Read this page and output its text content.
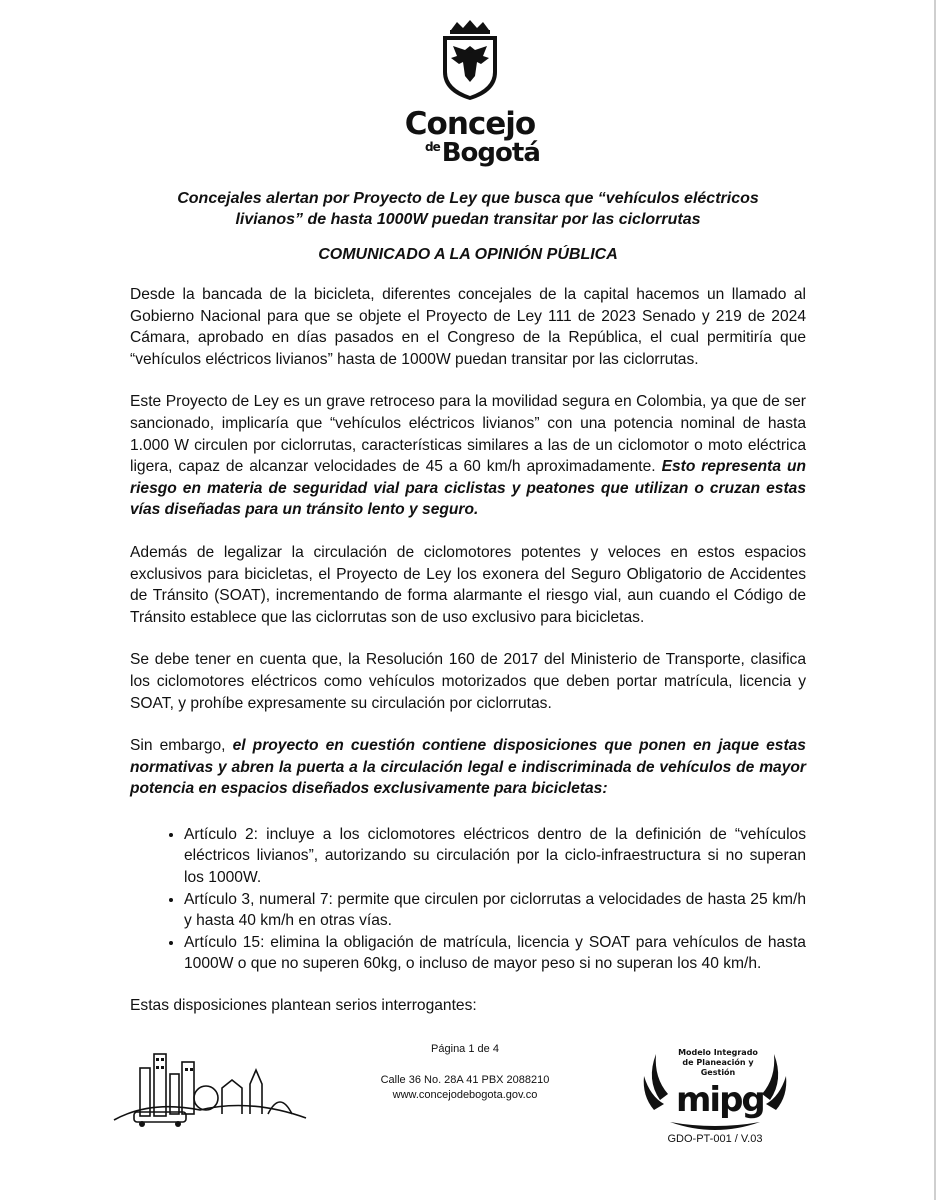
Concejo
$^{de}$Bogotá
Concejales alertan por Proyecto de Ley que busca que “vehículos eléctricos
livianos” de hasta 1000W puedan transitar por las ciclorrutas
COMUNICADO A LA OPINIÓN PÚBLICA

Desde la bancada de la bicicleta, diferentes concejales de la capital hacemos un llamado al Gobierno Nacional para que se objete el Proyecto de Ley 111 de 2023 Senado y 219 de 2024 Cámara, aprobado en días pasados en el Congreso de la República, el cual permitiría que “vehículos eléctricos livianos” hasta de 1000W puedan transitar por las ciclorrutas.

Este Proyecto de Ley es un grave retroceso para la movilidad segura en Colombia, ya que de ser sancionado, implicaría que “vehículos eléctricos livianos” con una potencia nominal de hasta 1.000 W circulen por ciclorrutas, características similares a las de un ciclomotor o moto eléctrica ligera, capaz de alcanzar velocidades de 45 a 60 km/h aproximadamente. Esto representa un riesgo en materia de seguridad vial para ciclistas y peatones que utilizan o cruzan estas vías diseñadas para un tránsito lento y seguro.

Además de legalizar la circulación de ciclomotores potentes y veloces en estos espacios exclusivos para bicicletas, el Proyecto de Ley los exonera del Seguro Obligatorio de Accidentes de Tránsito (SOAT), incrementando de forma alarmante el riesgo vial, aun cuando el Código de Tránsito establece que las ciclorrutas son de uso exclusivo para bicicletas.

Se debe tener en cuenta que, la Resolución 160 de 2017 del Ministerio de Transporte, clasifica los ciclomotores eléctricos como vehículos motorizados que deben portar matrícula, licencia y SOAT, y prohíbe expresamente su circulación por ciclorrutas.

Sin embargo, el proyecto en cuestión contiene disposiciones que ponen en jaque estas normativas y abren la puerta a la circulación legal e indiscriminada de vehículos de mayor potencia en espacios diseñados exclusivamente para bicicletas:

• Artículo 2: incluye a los ciclomotores eléctricos dentro de la definición de “vehículos eléctricos livianos”, autorizando su circulación por la ciclo-infraestructura si no superan los 1000W.
• Artículo 3, numeral 7: permite que circulen por ciclorrutas a velocidades de hasta 25 km/h y hasta 40 km/h en otras vías.
• Artículo 15: elimina la obligación de matrícula, licencia y SOAT para vehículos de hasta 1000W o que no superen 60kg, o incluso de mayor peso si no superan los 40 km/h.

Estas disposiciones plantean serios interrogantes:

Página 1 de 4
Calle 36 No. 28A 41 PBX 2088210
www.concejodebogota.gov.co
Modelo Integrado de Planeación y Gestión
mipg
GDO-PT-001 / V.03
